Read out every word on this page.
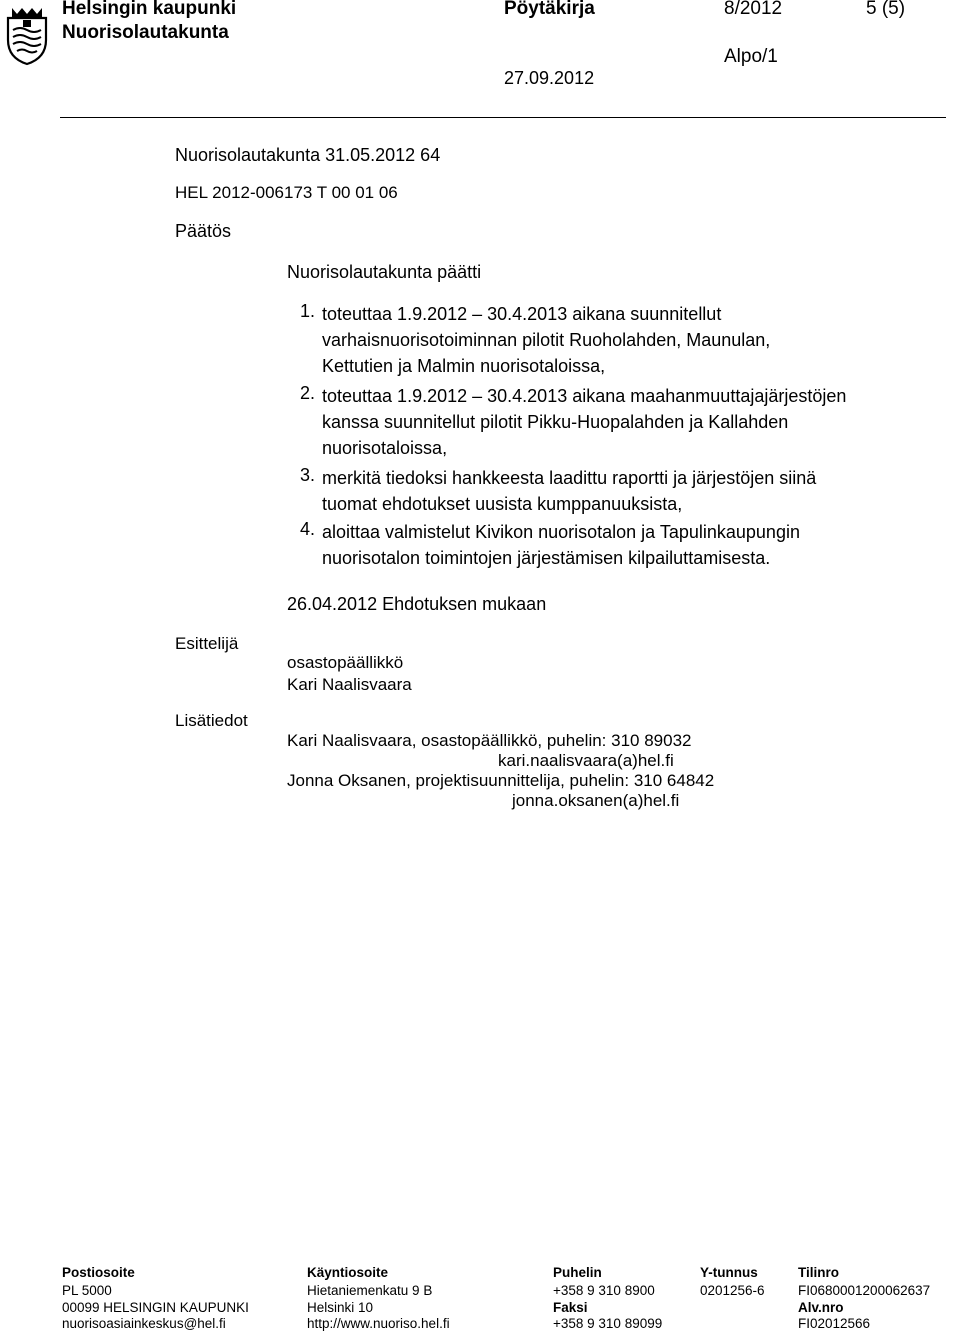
Helsingin kaupunki
Nuorisolautakunta
Pöytäkirja	8/2012	5 (5)
Alpo/1
27.09.2012
Nuorisolautakunta 31.05.2012 64
HEL 2012-006173 T 00 01 06
Päätös
Nuorisolautakunta päätti
1. toteuttaa 1.9.2012 – 30.4.2013 aikana suunnitellut
varhaisnuorisotoiminnan pilotit Ruoholahden, Maunulan,
Kettutien ja Malmin nuorisotaloissa,
2. toteuttaa 1.9.2012 – 30.4.2013 aikana maahanmuuttajajärjestöjen
kanssa suunnitellut pilotit Pikku-Huopalahden ja Kallahden
nuorisotaloissa,
3. merkitä tiedoksi hankkeesta laadittu raportti ja järjestöjen siinä
tuomat ehdotukset uusista kumppanuuksista,
4. aloittaa valmistelut Kivikon nuorisotalon ja Tapulinkaupungin
nuorisotalon toimintojen järjestämisen kilpailuttamisesta.
26.04.2012 Ehdotuksen mukaan
Esittelijä
osastopäällikkö
Kari Naalisvaara
Lisätiedot
Kari Naalisvaara, osastopäällikkö, puhelin: 310 89032
kari.naalisvaara(a)hel.fi
Jonna Oksanen, projektisuunnittelija, puhelin: 310 64842
jonna.oksanen(a)hel.fi
Postiosoite
PL 5000
00099 HELSINGIN KAUPUNKI
nuorisoasiainkeskus@hel.fi
Käyntiosoite
Hietaniemenkatu 9 B
Helsinki 10
http://www.nuoriso.hel.fi
Puhelin
+358 9 310 8900
Faksi
+358 9 310 89099
Y-tunnus
0201256-6
Tilinro
FI0680001200062637
Alv.nro
FI02012566
